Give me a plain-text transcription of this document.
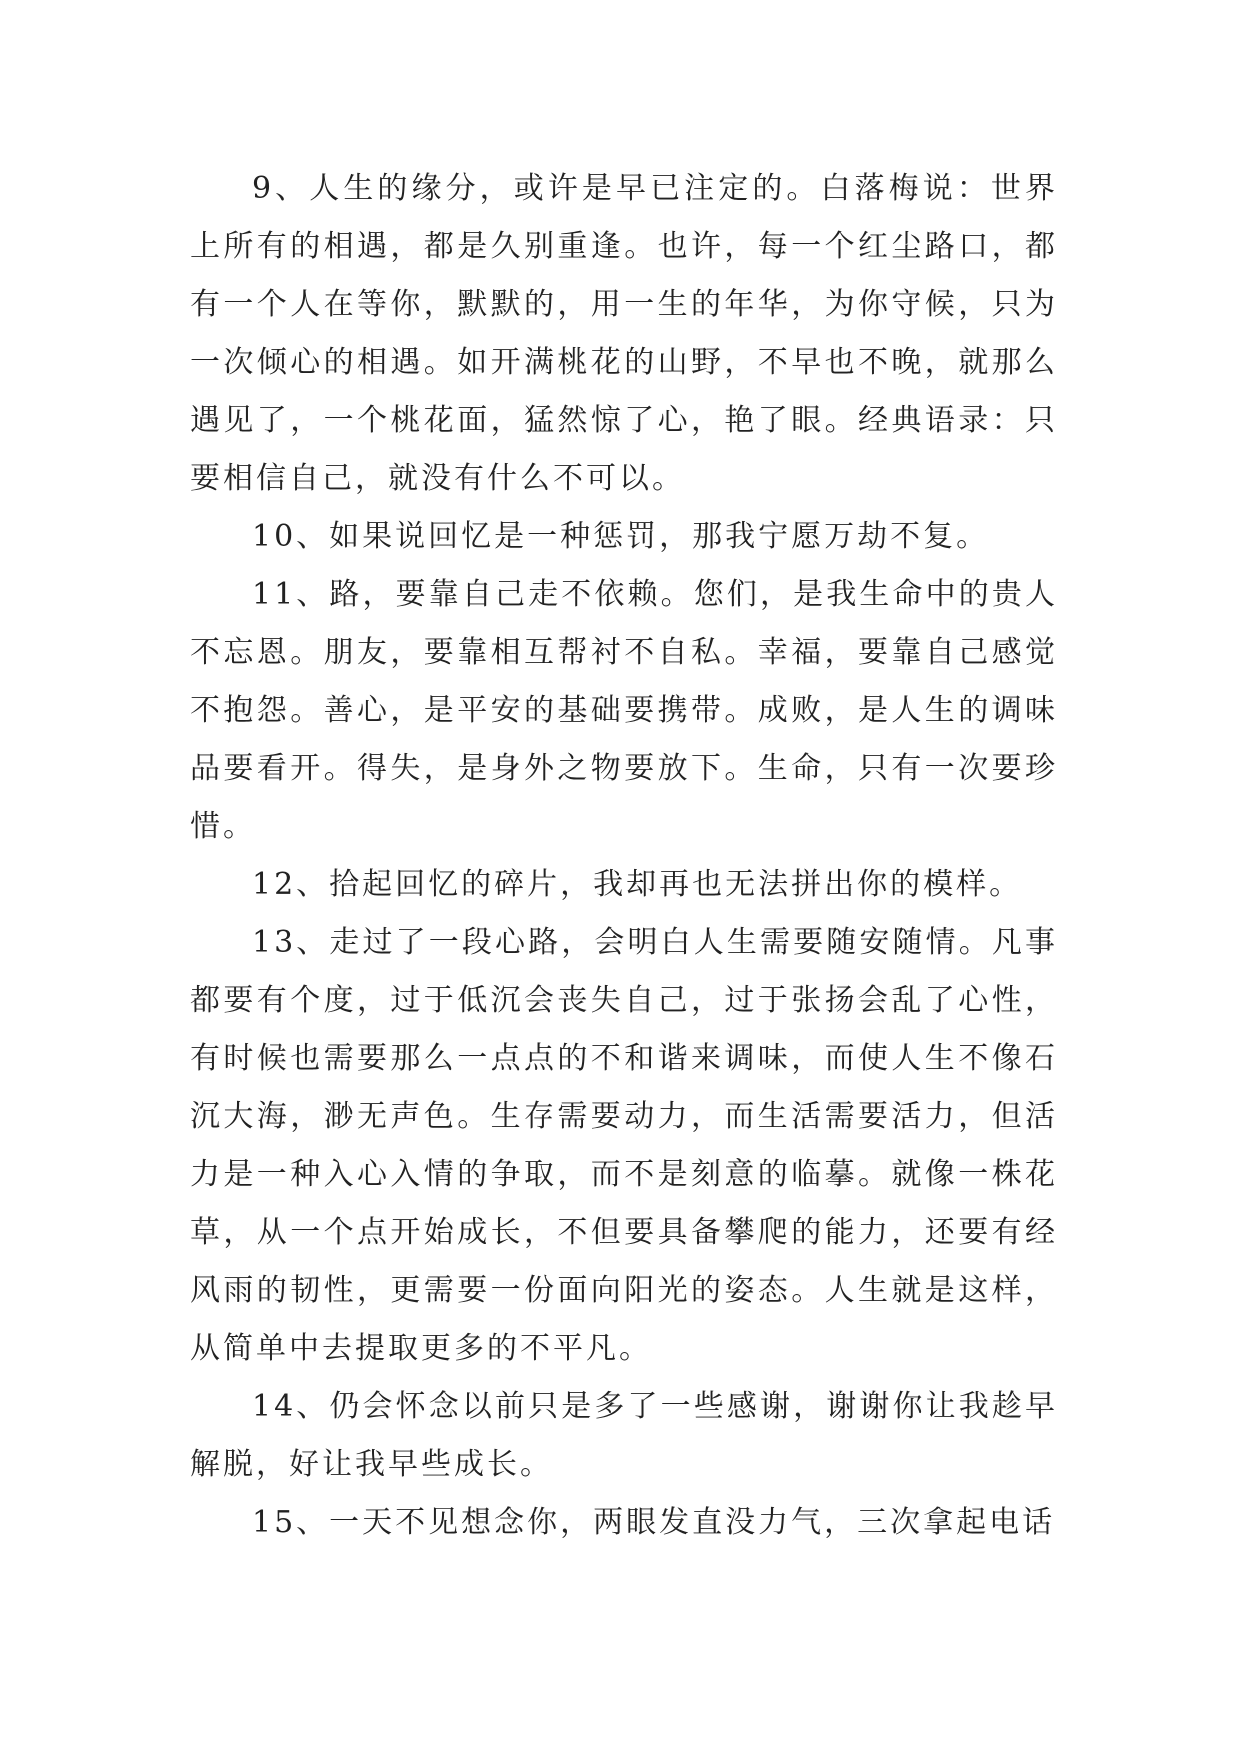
9、人生的缘分，或许是早已注定的。白落梅说：世界上所有的相遇，都是久别重逢。也许，每一个红尘路口，都有一个人在等你，默默的，用一生的年华，为你守候，只为一次倾心的相遇。如开满桃花的山野，不早也不晚，就那么遇见了，一个桃花面，猛然惊了心，艳了眼。经典语录：只要相信自己，就没有什么不可以。

10、如果说回忆是一种惩罚，那我宁愿万劫不复。

11、路，要靠自己走不依赖。您们，是我生命中的贵人不忘恩。朋友，要靠相互帮衬不自私。幸福，要靠自己感觉不抱怨。善心，是平安的基础要携带。成败，是人生的调味品要看开。得失，是身外之物要放下。生命，只有一次要珍惜。

12、拾起回忆的碎片，我却再也无法拼出你的模样。

13、走过了一段心路，会明白人生需要随安随情。凡事都要有个度，过于低沉会丧失自己，过于张扬会乱了心性，有时候也需要那么一点点的不和谐来调味，而使人生不像石沉大海，渺无声色。生存需要动力，而生活需要活力，但活力是一种入心入情的争取，而不是刻意的临摹。就像一株花草，从一个点开始成长，不但要具备攀爬的能力，还要有经风雨的韧性，更需要一份面向阳光的姿态。人生就是这样，从简单中去提取更多的不平凡。

14、仍会怀念以前只是多了一些感谢，谢谢你让我趁早解脱，好让我早些成长。

15、一天不见想念你，两眼发直没力气，三次拿起电话
